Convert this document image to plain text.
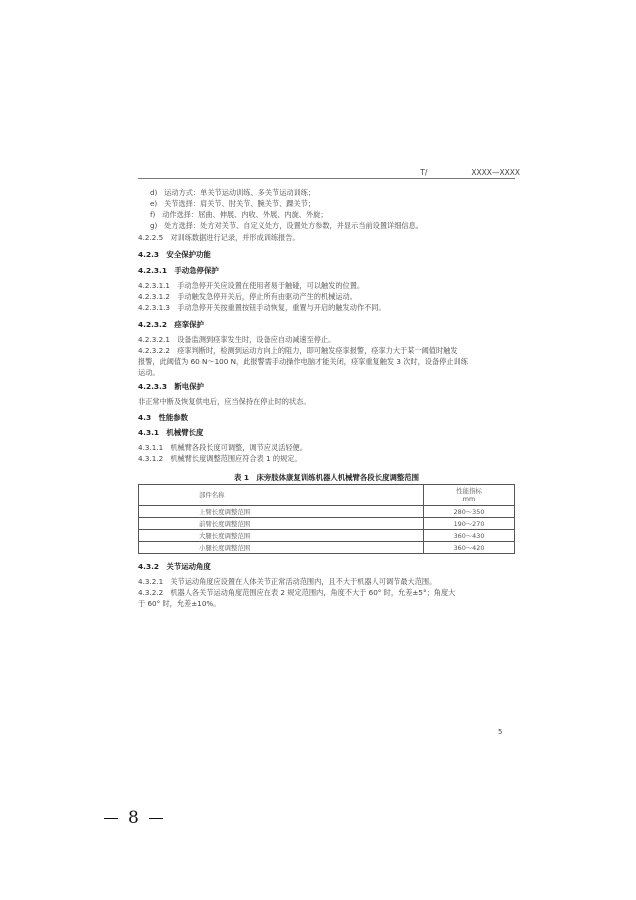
T/	XXXX—XXXX
d) 运动方式：单关节运动训练、多关节运动训练；
e) 关节选择：肩关节、肘关节、腕关节、踝关节；
f) 动作选择：屈曲、伸展、内收、外展、内旋、外旋；
g) 处方选择：处方对关节、自定义处方，设置处方参数，并显示当前设置详细信息。
4.2.2.5　对训练数据进行记录，并形成训练报告。
4.2.3　安全保护功能
4.2.3.1　手动急停保护
4.2.3.1.1　手动急停开关应设置在使用者易于触碰，可以触发的位置。
4.2.3.1.2　手动触发急停开关后，停止所有由驱动产生的机械运动。
4.2.3.1.3　手动急停开关按重置按钮手动恢复，重置与开启的触发动作不同。
4.2.3.2　痉挛保护
4.2.3.2.1　设备监测到痉挛发生时，设备应自动减速至停止。
4.2.3.2.2　痉挛判断时，检测到运动方向上的阻力，即可触发痉挛报警，痉挛力大于某一阈值时触发
报警，此阈值为 60 N～100 N，此报警需手动操作电脑才能关闭，痉挛重复触发 3 次时，设备停止训练
运动。
4.2.3.3　断电保护
非正常中断及恢复供电后，应当保持在停止时的状态。
4.3　性能参数
4.3.1　机械臂长度
4.3.1.1　机械臂各段长度可调整，调节应灵活轻便。
4.3.1.2　机械臂长度调整范围应符合表 1 的规定。
表 1　床旁肢体康复训练机器人机械臂各段长度调整范围
部件名称	性能指标
mm
上臂长度调整范围	280～350
前臂长度调整范围	190～270
大腿长度调整范围	360～430
小腿长度调整范围	360～420
4.3.2　关节运动角度
4.3.2.1　关节运动角度应设置在人体关节正常活动范围内，且不大于机器人可调节最大范围。
4.3.2.2　机器人各关节运动角度范围应在表 2 规定范围内，角度不大于 60° 时，允差±5°；角度大
于 60° 时，允差±10%。
5
8
